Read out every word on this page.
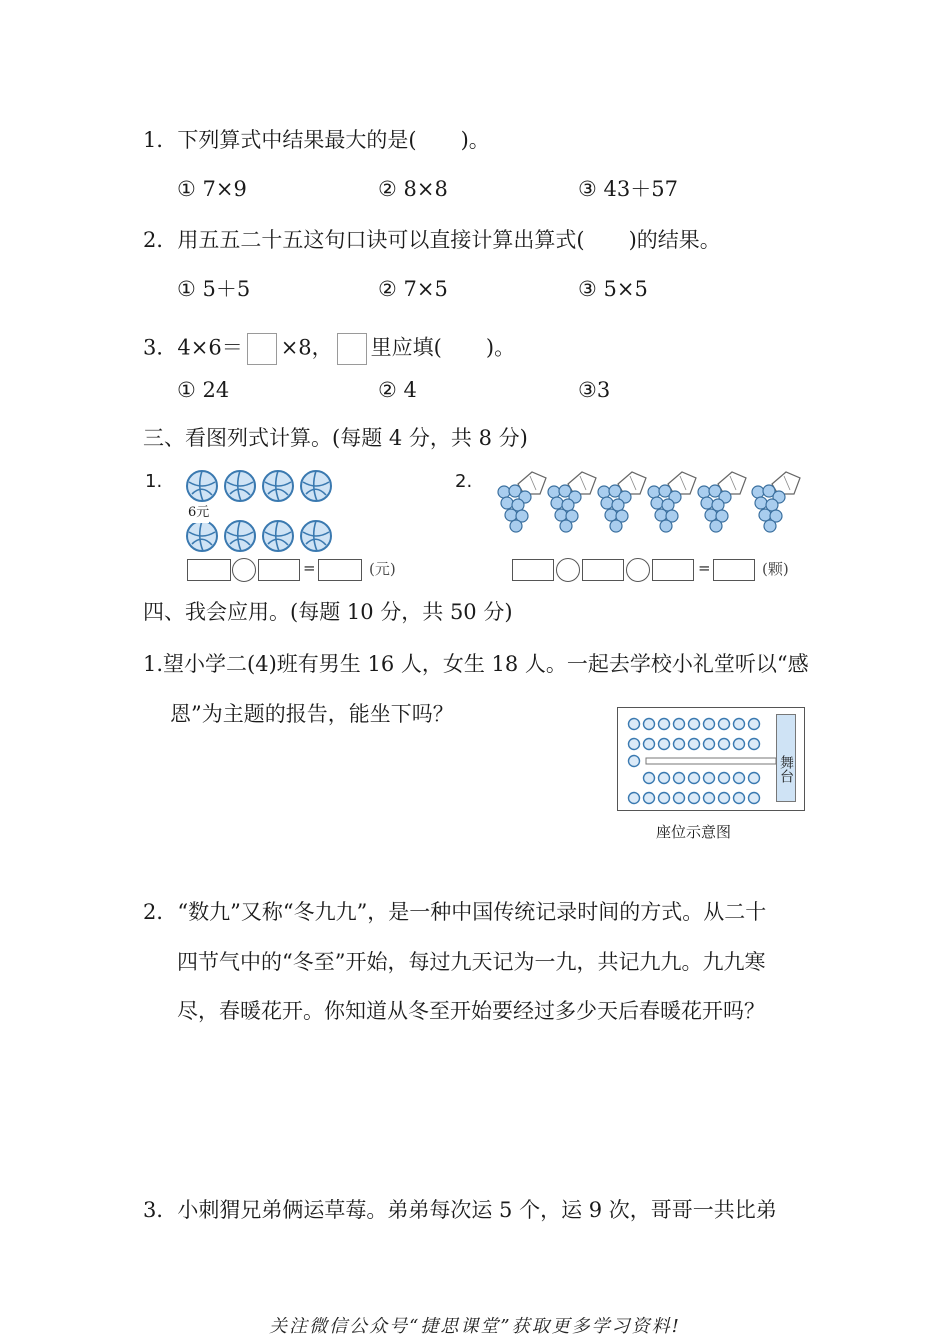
1．下列算式中结果最大的是( )。
① 7×9	② 8×8	③ 43＋57
2．用五五二十五这句口诀可以直接计算出算式( )的结果。
① 5＋5	② 7×5	③ 5×5
3．4×6＝ ×8， 里应填( )。
① 24	② 4	③3
三、看图列式计算。(每题 4 分，共 8 分)
1.
6元
=	(元)
2.
=	(颗)
四、我会应用。(每题 10 分，共 50 分)
1.望小学二(4)班有男生 16 人，女生 18 人。一起去学校小礼堂听以“感
恩”为主题的报告，能坐下吗？
舞台
座位示意图
2．“数九”又称“冬九九”，是一种中国传统记录时间的方式。从二十
四节气中的“冬至”开始，每过九天记为一九，共记九九。九九寒
尽，春暖花开。你知道从冬至开始要经过多少天后春暖花开吗？
3．小刺猬兄弟俩运草莓。弟弟每次运 5 个，运 9 次，哥哥一共比弟
关注微信公众号“捷思课堂”获取更多学习资料!
